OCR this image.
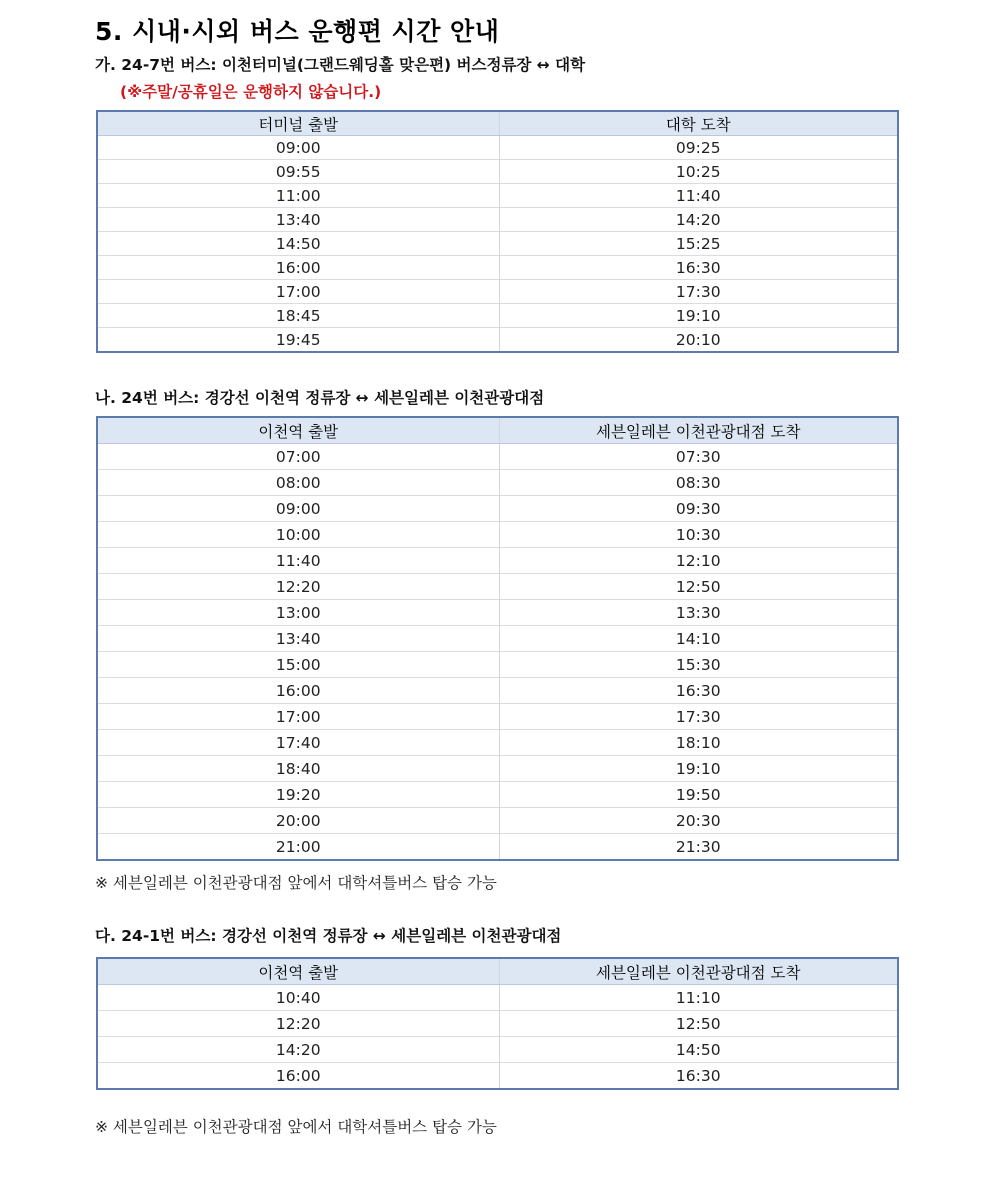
5. 시내·시외 버스 운행편 시간 안내
가. 24-7번 버스: 이천터미널(그랜드웨딩홀 맞은편) 버스정류장 ↔ 대학
(※주말/공휴일은 운행하지 않습니다.)
터미널 출발	대학 도착
09:00	09:25
09:55	10:25
11:00	11:40
13:40	14:20
14:50	15:25
16:00	16:30
17:00	17:30
18:45	19:10
19:45	20:10
나. 24번 버스: 경강선 이천역 정류장 ↔ 세븐일레븐 이천관광대점
이천역 출발	세븐일레븐 이천관광대점 도착
07:00	07:30
08:00	08:30
09:00	09:30
10:00	10:30
11:40	12:10
12:20	12:50
13:00	13:30
13:40	14:10
15:00	15:30
16:00	16:30
17:00	17:30
17:40	18:10
18:40	19:10
19:20	19:50
20:00	20:30
21:00	21:30
※ 세븐일레븐 이천관광대점 앞에서 대학셔틀버스 탑승 가능
다. 24-1번 버스: 경강선 이천역 정류장 ↔ 세븐일레븐 이천관광대점
이천역 출발	세븐일레븐 이천관광대점 도착
10:40	11:10
12:20	12:50
14:20	14:50
16:00	16:30
※ 세븐일레븐 이천관광대점 앞에서 대학셔틀버스 탑승 가능
